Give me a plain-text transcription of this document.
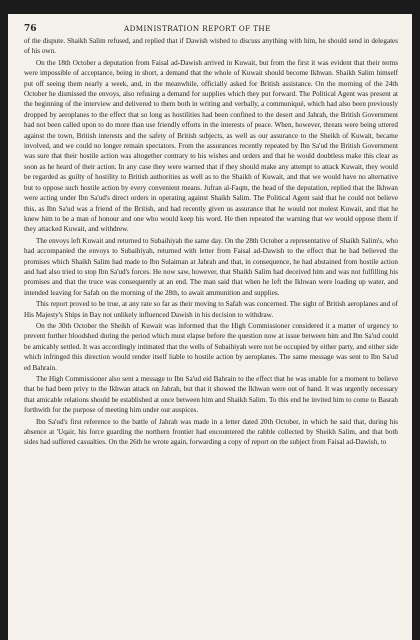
76	ADMINISTRATION REPORT OF THE

of the dispute. Shaikh Salim refused, and replied that if Dawish wished to discuss anything with him, he should send in delegates of his own.

On the 18th October a deputation from Faisal ad-Dawish arrived in Kuwait, but from the first it was evident that their terms were impossible of acceptance, being in short, a demand that the whole of Kuwait should become Ikhwan. Shaikh Salim himself put off seeing them nearly a week, and, in the meanwhile, officially asked for British assistance. On the morning of the 24th October he dismissed the envoys, also refusing a demand for supplies which they put forward. The Political Agent was present at the beginning of the interview and delivered to them both in writing and verbally, a communiqué, which had also been previously dropped by aeroplanes to the effect that so long as hostilities had been confined to the desert and Jahrah, the British Government had not been called upon to do more than use friendly efforts in the interests of peace. When, however, threats were being uttered against the town, British interests and the safety of British subjects, as well as our assurance to the Sheikh of Kuwait, became involved, and we could no longer remain spectators. From the assurances recently repeated by Ibn Sa'ud the British Government was sure that their hostile action was altogether contrary to his wishes and orders and that he would doubtless make this clear as soon as he heard of their action. In any case they were warned that if they should make any attempt to attack Kuwait, they would be regarded as guilty of hostility to British authorities as well as to the Shaikh of Kuwait, and that we would have no alternative but to oppose such hostile action by every convenient means. Jufran al-Faqm, the head of the deputation, replied that the Ikhwan were acting under Ibn Sa'ud's direct orders in operating against Shaikh Salim. The Political Agent said that he could not believe this, as Ibn Sa'ud was a friend of the British, and had recently given us assurance that he would not molest Kuwait, and that he knew him to be a man of honour and one who would keep his word. He then repeated the warning that we would oppose them if they attacked Kuwait, and withdrew.

The envoys left Kuwait and returned to Subaihiyah the same day. On the 28th October a representative of Shaikh Salim's, who had accompanied the envoys to Subaihiyah, returned with letter from Faisal ad-Dawish to the effect that he had believed the promises which Shaikh Salim had made to Ibn Sulaiman at Jahrah and that, in consequence, he had abstained from hostile action and had also tried to stop Ibn Sa'ud's forces. He now saw, however, that Shaikh Salim had deceived him and was not fulfilling his promises and that the truce was consequently at an end. The man said that when he left the Ikhwan were loading up water, and intended leaving for Safah on the morning of the 28th, to await ammunition and supplies.

This report proved to be true, at any rate so far as their moving to Safah was concerned. The sight of British aeroplanes and of His Majesty's Ships in Bay not unlikely influenced Dawish in his decision to withdraw.

On the 30th October the Sheikh of Kuwait was informed that the High Commissioner considered it a matter of urgency to prevent further bloodshed during the period which must elapse before the question now at issue between him and Ibn Sa'ud could be amicably settled. It was accordingly intimated that the wells of Subaihiyah were not be occupied by either party, and either side which infringed this direction would render itself liable to hostile action by aeroplanes. The same message was sent to Ibn Sa'ud ed Bahrain.

The High Commissioner also sent a message to Ibn Sa'ud eid Bahrain to the effect that he was unable for a moment to believe that he had been privy to the Ikhwan attack on Jahrah, but that it showed the Ikhwan were out of hand. It was urgently necessary that amicable relations should be established at once between him and Shaikh Salim. To this end he invited him to come to Basrah forthwith for the purpose of meeting him under our auspices.

Ibn Sa'ud's first reference to the battle of Jahrah was made in a letter dated 20th October, in which he said that, during his absence at 'Uqair, his force guarding the northern frontier had encountered the rabble collected by Sheikh Salim, and that both sides had suffered casualties. On the 26th he wrote again, forwarding a copy of report on the subject from Faisal ad-Dawish, to
